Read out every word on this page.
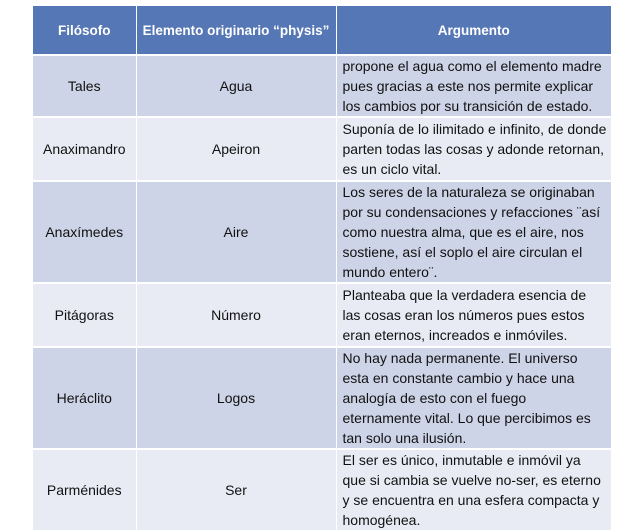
Filósofo	Elemento originario “physis”	Argumento
Tales	Agua	propone el agua como el elemento madre pues gracias a este nos permite explicar los cambios por su transición de estado.
Anaximandro	Apeiron	Suponía de lo ilimitado e infinito, de donde parten todas las cosas y adonde retornan, es un ciclo vital.
Anaxímedes	Aire	Los seres de la naturaleza se originaban por su condensaciones y refacciones ¨así como nuestra alma, que es el aire, nos sostiene, así el soplo el aire circulan el mundo entero¨.
Pitágoras	Número	Planteaba que la verdadera esencia de las cosas eran los números pues estos eran eternos, increados e inmóviles.
Heráclito	Logos	No hay nada permanente. El universo esta en constante cambio y hace una analogía de esto con el fuego eternamente vital. Lo que percibimos es tan solo una ilusión.
Parménides	Ser	El ser es único, inmutable e inmóvil ya que si cambia se vuelve no-ser, es eterno y se encuentra en una esfera compacta y homogénea.
